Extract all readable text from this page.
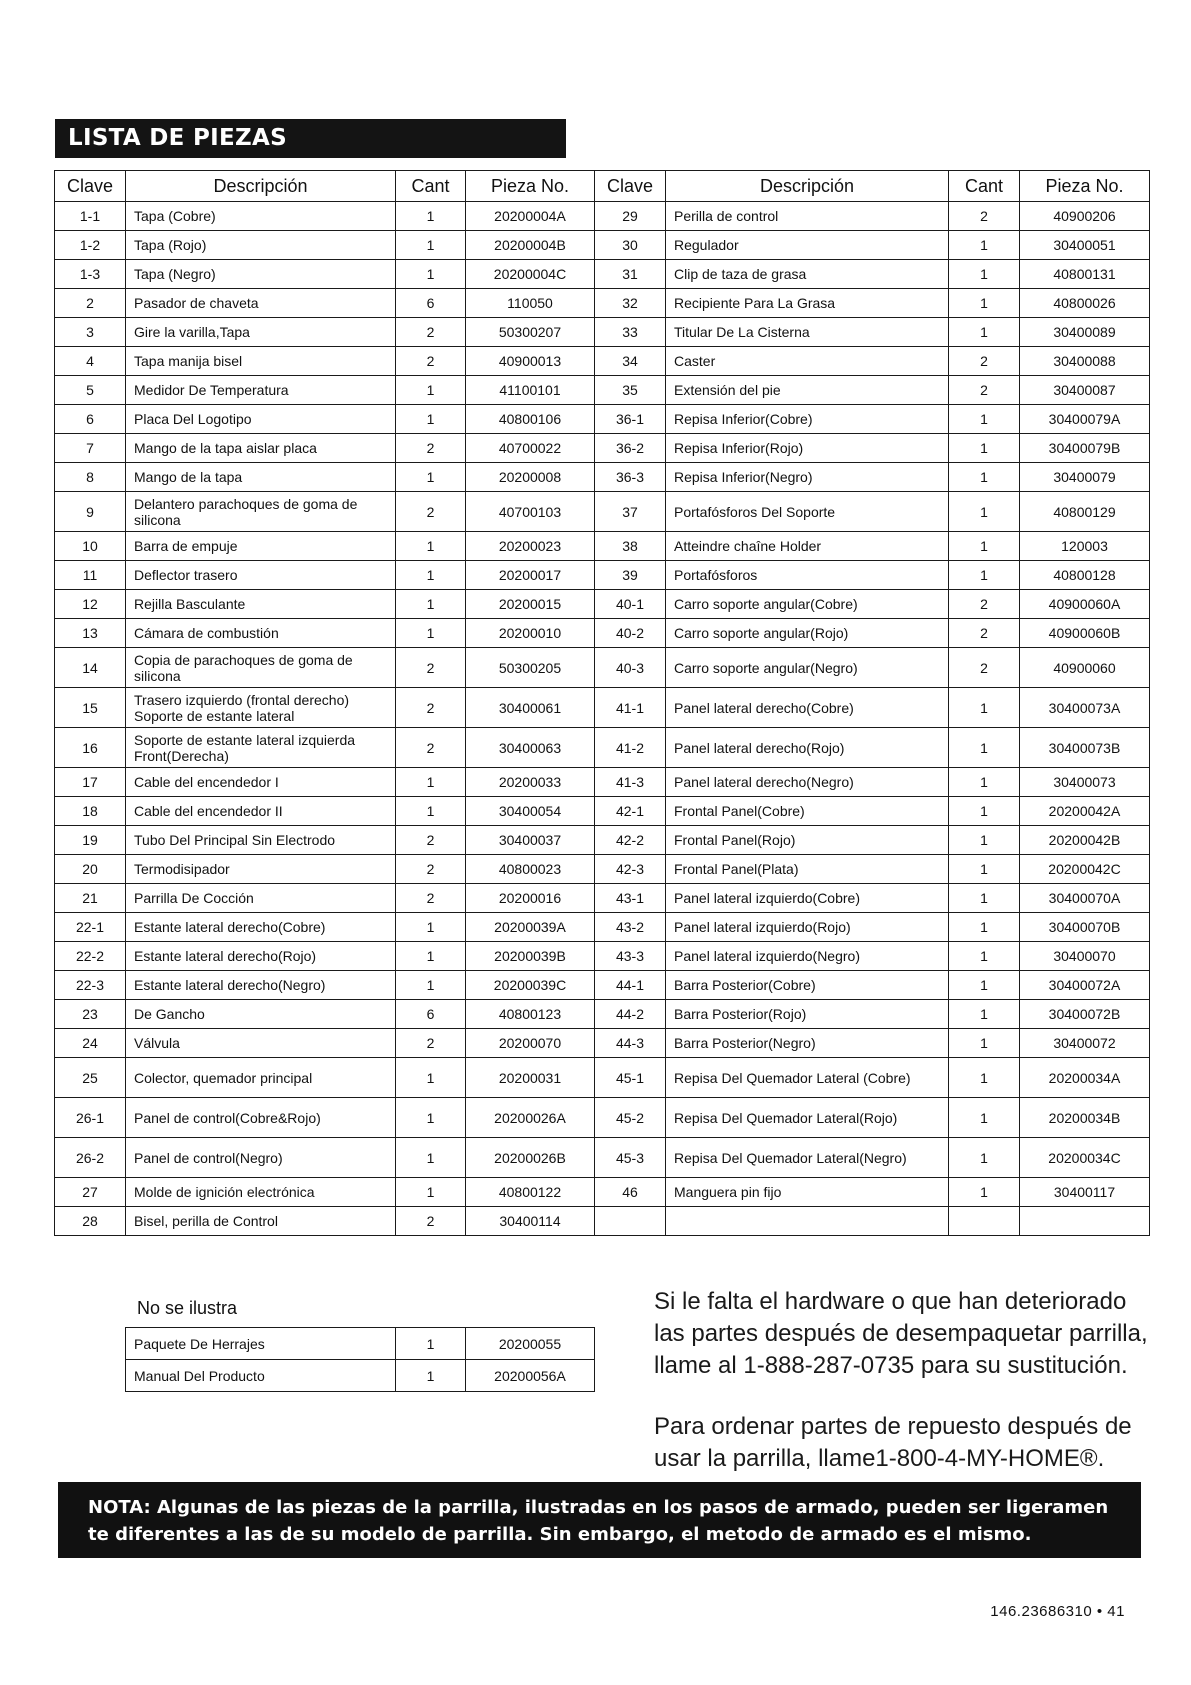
LISTA DE PIEZAS
Clave	Descripción	Cant	Pieza No.	Clave	Descripción	Cant	Pieza No.
1-1	Tapa (Cobre)	1	20200004A	29	Perilla de control	2	40900206
1-2	Tapa (Rojo)	1	20200004B	30	Regulador	1	30400051
1-3	Tapa (Negro)	1	20200004C	31	Clip de taza de grasa	1	40800131
2	Pasador de chaveta	6	110050	32	Recipiente Para La Grasa	1	40800026
3	Gire la varilla,Tapa	2	50300207	33	Titular De La Cisterna	1	30400089
4	Tapa manija bisel	2	40900013	34	Caster	2	30400088
5	Medidor De Temperatura	1	41100101	35	Extensión del pie	2	30400087
6	Placa Del Logotipo	1	40800106	36-1	Repisa Inferior(Cobre)	1	30400079A
7	Mango de la tapa aislar placa	2	40700022	36-2	Repisa Inferior(Rojo)	1	30400079B
8	Mango de la tapa	1	20200008	36-3	Repisa Inferior(Negro)	1	30400079
9	Delantero parachoques de goma de silicona	2	40700103	37	Portafósforos Del Soporte	1	40800129
10	Barra de empuje	1	20200023	38	Atteindre chaîne Holder	1	120003
11	Deflector trasero	1	20200017	39	Portafósforos	1	40800128
12	Rejilla Basculante	1	20200015	40-1	Carro soporte angular(Cobre)	2	40900060A
13	Cámara de combustión	1	20200010	40-2	Carro soporte angular(Rojo)	2	40900060B
14	Copia de parachoques de goma de silicona	2	50300205	40-3	Carro soporte angular(Negro)	2	40900060
15	Trasero izquierdo (frontal derecho) Soporte de estante lateral	2	30400061	41-1	Panel lateral derecho(Cobre)	1	30400073A
16	Soporte de estante lateral izquierda Front(Derecha)	2	30400063	41-2	Panel lateral derecho(Rojo)	1	30400073B
17	Cable del encendedor I	1	20200033	41-3	Panel lateral derecho(Negro)	1	30400073
18	Cable del encendedor II	1	30400054	42-1	Frontal Panel(Cobre)	1	20200042A
19	Tubo Del Principal Sin Electrodo	2	30400037	42-2	Frontal Panel(Rojo)	1	20200042B
20	Termodisipador	2	40800023	42-3	Frontal Panel(Plata)	1	20200042C
21	Parrilla De Cocción	2	20200016	43-1	Panel lateral izquierdo(Cobre)	1	30400070A
22-1	Estante lateral derecho(Cobre)	1	20200039A	43-2	Panel lateral izquierdo(Rojo)	1	30400070B
22-2	Estante lateral derecho(Rojo)	1	20200039B	43-3	Panel lateral izquierdo(Negro)	1	30400070
22-3	Estante lateral derecho(Negro)	1	20200039C	44-1	Barra Posterior(Cobre)	1	30400072A
23	De Gancho	6	40800123	44-2	Barra Posterior(Rojo)	1	30400072B
24	Válvula	2	20200070	44-3	Barra Posterior(Negro)	1	30400072
25	Colector, quemador principal	1	20200031	45-1	Repisa Del Quemador Lateral (Cobre)	1	20200034A
26-1	Panel de control(Cobre&Rojo)	1	20200026A	45-2	Repisa Del Quemador Lateral(Rojo)	1	20200034B
26-2	Panel de control(Negro)	1	20200026B	45-3	Repisa Del Quemador Lateral(Negro)	1	20200034C
27	Molde de ignición electrónica	1	40800122	46	Manguera pin fijo	1	30400117
28	Bisel, perilla de Control	2	30400114				
No se ilustra
Paquete De Herrajes	1	20200055
Manual Del Producto	1	20200056A

Si le falta el hardware o que han deteriorado las partes después de desempaquetar parrilla, llame al 1-888-287-0735 para su sustitución.

Para ordenar partes de repuesto después de usar la parrilla, llame1-800-4-MY-HOME®.

NOTA: Algunas de las piezas de la parrilla, ilustradas en los pasos de armado, pueden ser ligeramen te diferentes a las de su modelo de parrilla. Sin embargo, el metodo de armado es el mismo.
146.23686310 • 41
